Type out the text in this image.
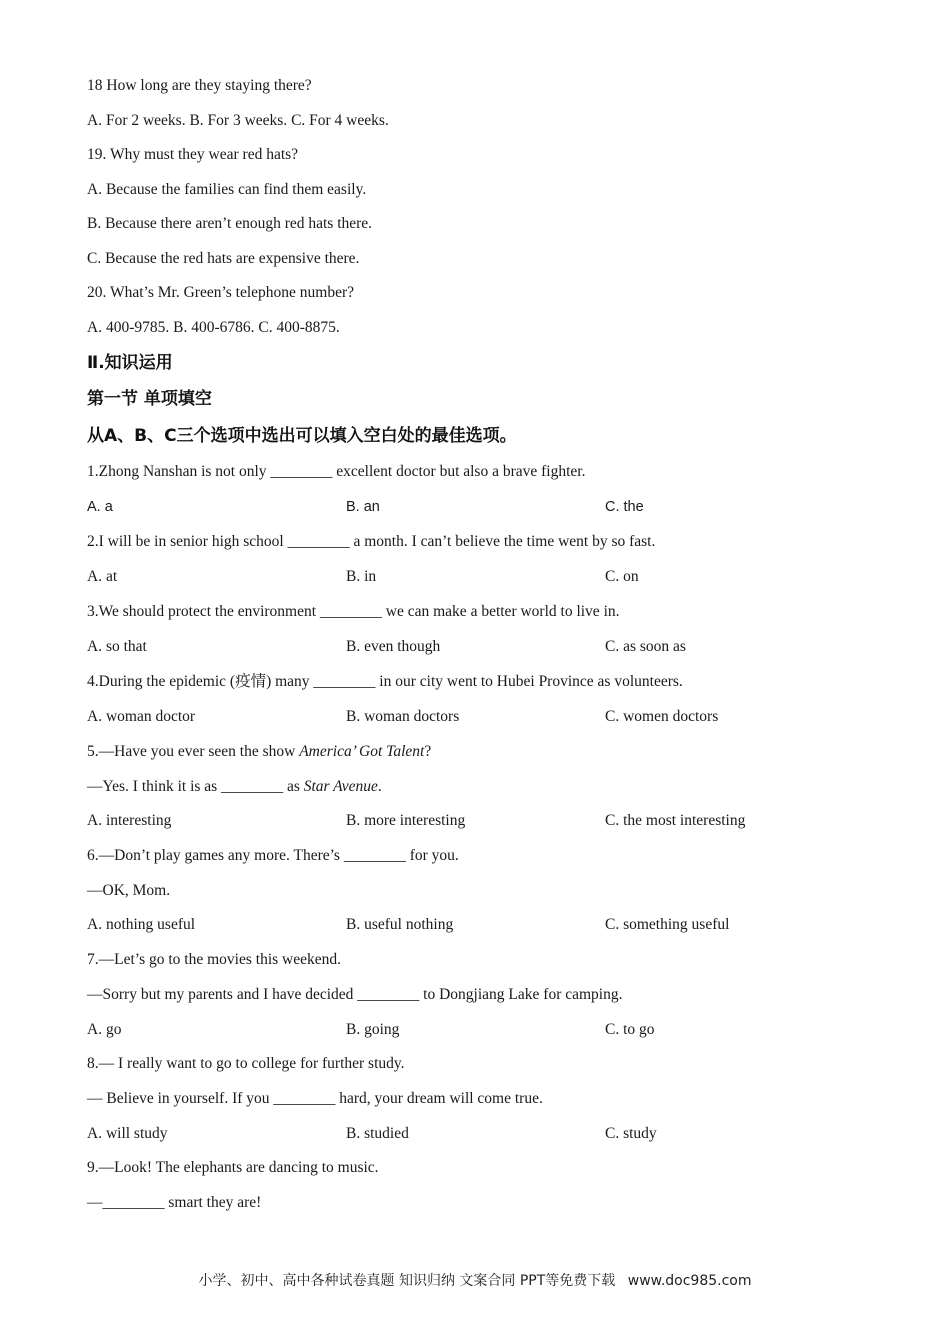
18 How long are they staying there?
A. For 2 weeks. B. For 3 weeks. C. For 4 weeks.
19. Why must they wear red hats?
A. Because the families can find them easily.
B. Because there aren’t enough red hats there.
C. Because the red hats are expensive there.
20. What’s Mr. Green’s telephone number?
A. 400-9785. B. 400-6786. C. 400-8875.
Ⅱ.知识运用
第一节 单项填空
从A、B、C三个选项中选出可以填入空白处的最佳选项。
1.Zhong Nanshan is not only ________ excellent doctor but also a brave fighter.
A. a	B. an	C. the
2.I will be in senior high school ________ a month. I can’t believe the time went by so fast.
A. at	B. in	C. on
3.We should protect the environment ________ we can make a better world to live in.
A. so that	B. even though	C. as soon as
4.During the epidemic (疫情) many ________ in our city went to Hubei Province as volunteers.
A. woman doctor	B. woman doctors	C. women doctors
5.—Have you ever seen the show America’ Got Talent?
—Yes. I think it is as ________ as Star Avenue.
A. interesting	B. more interesting	C. the most interesting
6.—Don’t play games any more. There’s ________ for you.
—OK, Mom.
A. nothing useful	B. useful nothing	C. something useful
7.—Let’s go to the movies this weekend.
—Sorry but my parents and I have decided ________ to Dongjiang Lake for camping.
A. go	B. going	C. to go
8.— I really want to go to college for further study.
— Believe in yourself. If you ________ hard, your dream will come true.
A. will study	B. studied	C. study
9.—Look! The elephants are dancing to music.
—________ smart they are!
小学、初中、高中各种试卷真题 知识归纳 文案合同 PPT等免费下载 www.doc985.com
